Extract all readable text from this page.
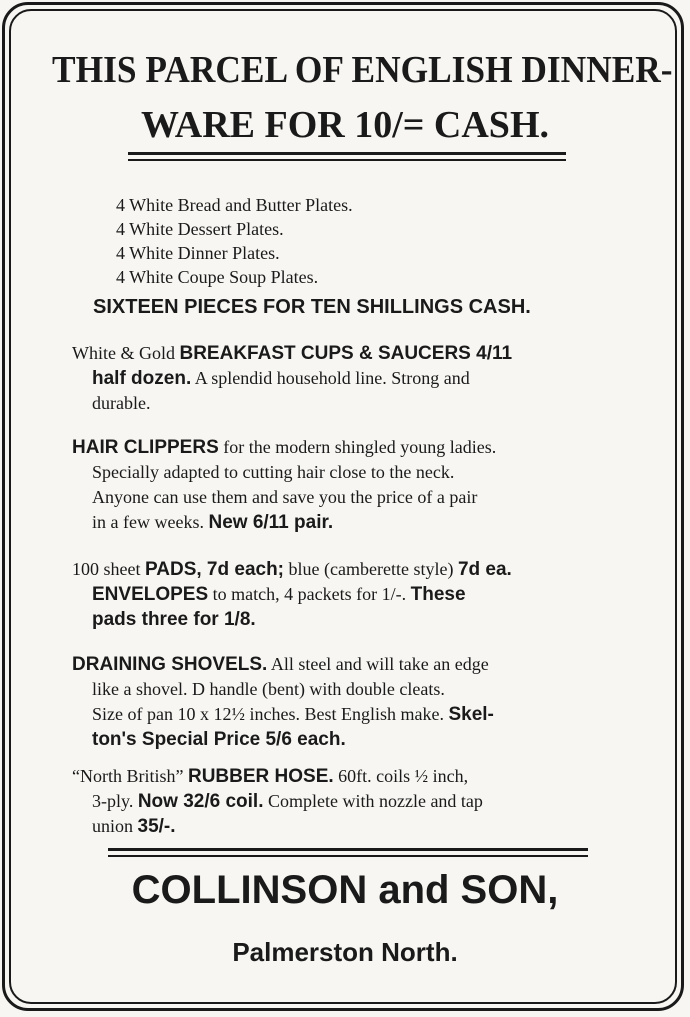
THIS PARCEL OF ENGLISH DINNER-
WARE FOR 10/= CASH.
4 White Bread and Butter Plates.
4 White Dessert Plates.
4 White Dinner Plates.
4 White Coupe Soup Plates.
SIXTEEN PIECES FOR TEN SHILLINGS CASH.
White & Gold BREAKFAST CUPS & SAUCERS 4/11
half dozen. A splendid household line. Strong and
durable.
HAIR CLIPPERS for the modern shingled young ladies.
Specially adapted to cutting hair close to the neck.
Anyone can use them and save you the price of a pair
in a few weeks. New 6/11 pair.
100 sheet PADS, 7d each; blue (camberette style) 7d ea.
ENVELOPES to match, 4 packets for 1/-. These
pads three for 1/8.
DRAINING SHOVELS. All steel and will take an edge
like a shovel. D handle (bent) with double cleats.
Size of pan 10 x 12½ inches. Best English make. Skel-
ton's Special Price 5/6 each.
“North British” RUBBER HOSE. 60ft. coils ½ inch,
3-ply. Now 32/6 coil. Complete with nozzle and tap
union 35/-.
COLLINSON and SON,
Palmerston North.
